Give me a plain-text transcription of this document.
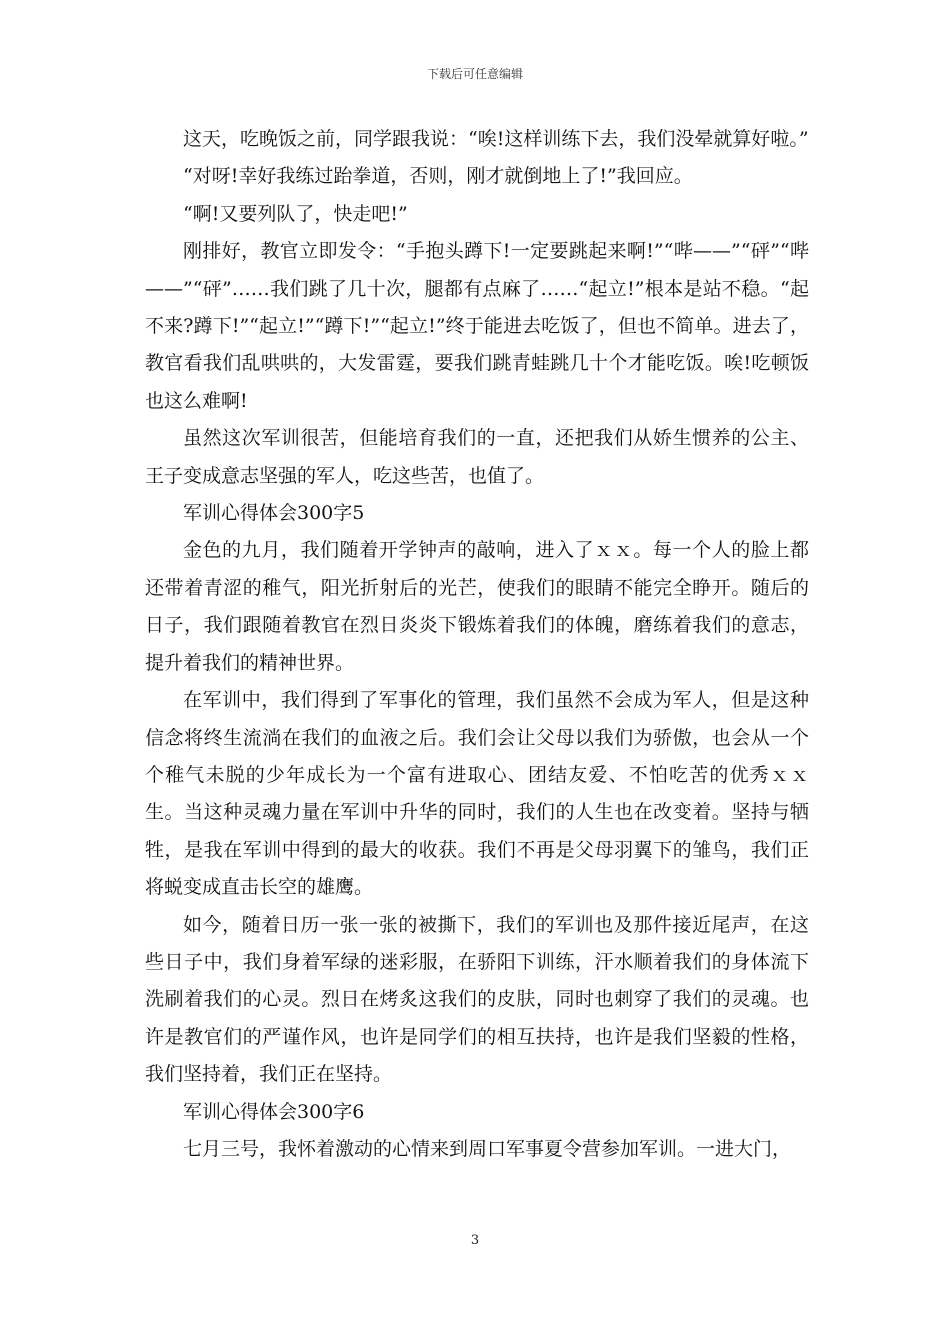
下载后可任意编辑

这天，吃晚饭之前，同学跟我说：“唉!这样训练下去，我们没晕就算好啦。”

“对呀!幸好我练过跆拳道，否则，刚才就倒地上了!”我回应。

“啊!又要列队了，快走吧!”

刚排好，教官立即发令：“手抱头蹲下!一定要跳起来啊!”“哔——”“砰”“哔——”“砰”……我们跳了几十次，腿都有点麻了……“起立!”根本是站不稳。“起不来?蹲下!”“起立!”“蹲下!”“起立!”终于能进去吃饭了，但也不简单。进去了，教官看我们乱哄哄的，大发雷霆，要我们跳青蛙跳几十个才能吃饭。唉!吃顿饭也这么难啊!

虽然这次军训很苦，但能培育我们的一直，还把我们从娇生惯养的公主、王子变成意志坚强的军人，吃这些苦，也值了。

军训心得体会300字5

金色的九月，我们随着开学钟声的敲响，进入了ｘｘ。每一个人的脸上都还带着青涩的稚气，阳光折射后的光芒，使我们的眼睛不能完全睁开。随后的日子，我们跟随着教官在烈日炎炎下锻炼着我们的体魄，磨练着我们的意志，提升着我们的精神世界。

在军训中，我们得到了军事化的管理，我们虽然不会成为军人，但是这种信念将终生流淌在我们的血液之后。我们会让父母以我们为骄傲，也会从一个个稚气未脱的少年成长为一个富有进取心、团结友爱、不怕吃苦的优秀ｘｘ生。当这种灵魂力量在军训中升华的同时，我们的人生也在改变着。坚持与牺牲，是我在军训中得到的最大的收获。我们不再是父母羽翼下的雏鸟，我们正将蜕变成直击长空的雄鹰。

如今，随着日历一张一张的被撕下，我们的军训也及那件接近尾声，在这些日子中，我们身着军绿的迷彩服，在骄阳下训练，汗水顺着我们的身体流下洗刷着我们的心灵。烈日在烤炙这我们的皮肤，同时也刺穿了我们的灵魂。也许是教官们的严谨作风，也许是同学们的相互扶持，也许是我们坚毅的性格，我们坚持着，我们正在坚持。

军训心得体会300字6

七月三号，我怀着激动的心情来到周口军事夏令营参加军训。一进大门，

3
